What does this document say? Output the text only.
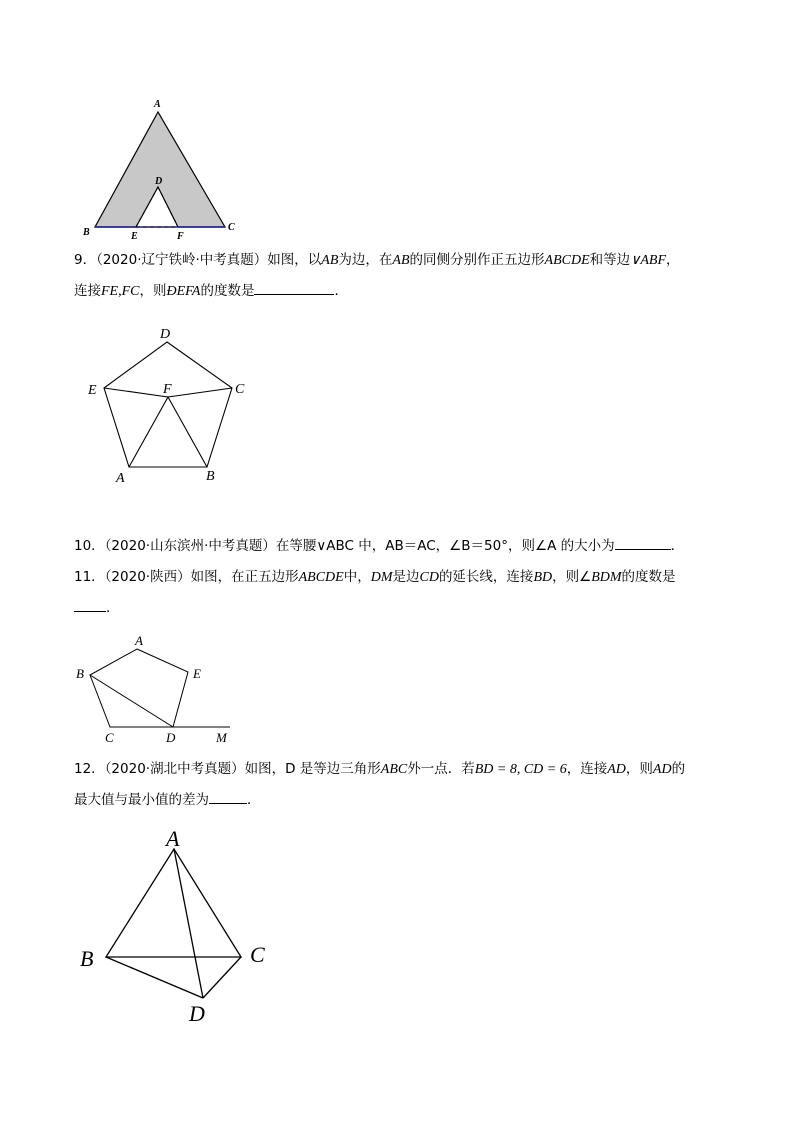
A
D
B	E	F
C
9．（2020·辽宁铁岭·中考真题）如图，以AB为边，在AB的同侧分别作正五边形ABCDE和等边∨ABF，
连接FE,FC，则ÐEFA的度数是	．
D
E	F	C
A	B
10．（2020·山东滨州·中考真题）在等腰∨ABC 中，AB＝AC，∠B＝50°，则∠A 的大小为	．
11．（2020·陕西）如图，在正五边形ABCDE中，DM是边CD的延长线，连接BD，则∠BDM的度数是
．
A
B	E
C	D	M
12．（2020·湖北中考真题）如图，D 是等边三角形ABC外一点．若BD = 8, CD = 6，连接AD，则AD的
最大值与最小值的差为	．
A
B	C
D
